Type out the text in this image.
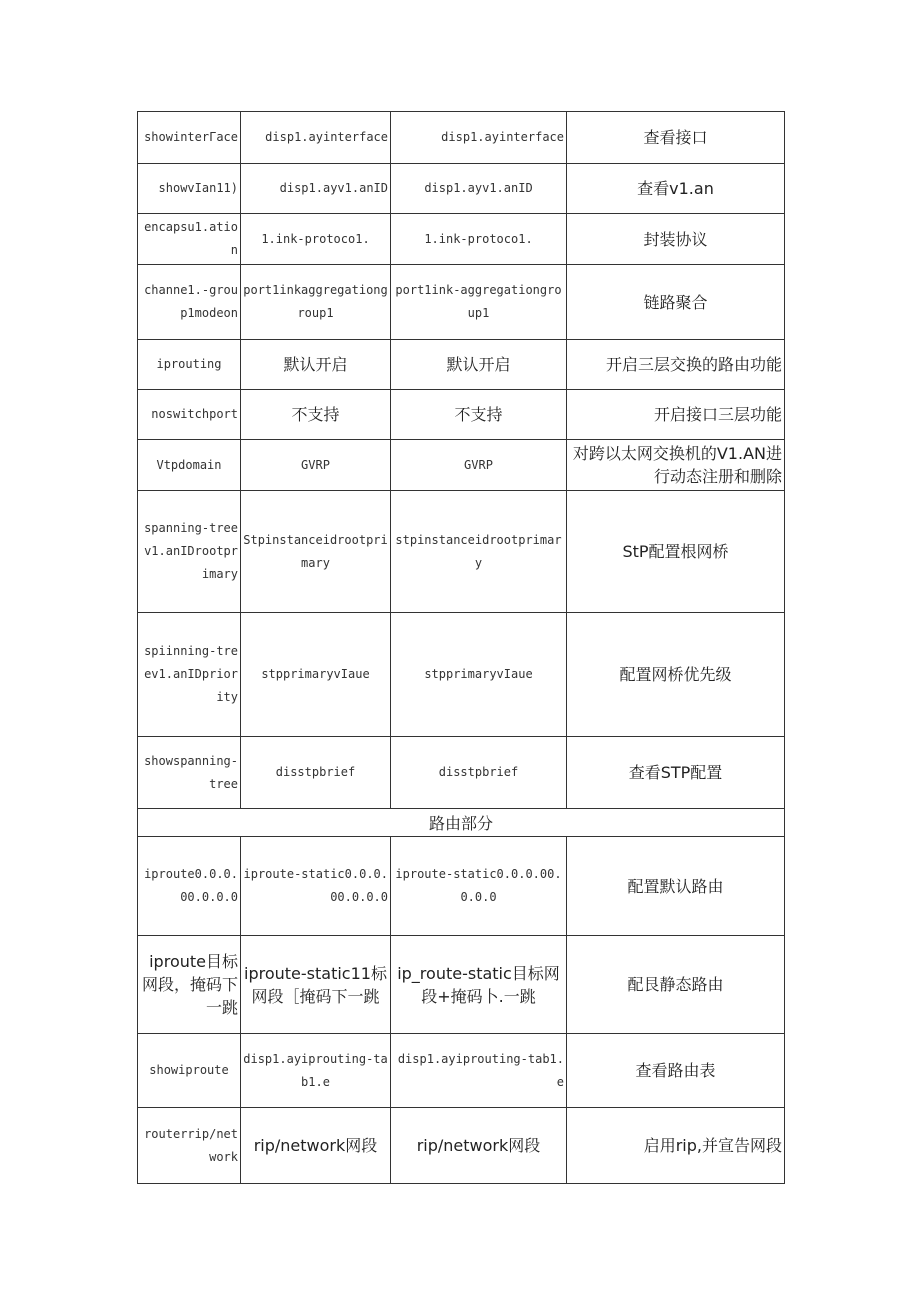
showinterГace	disp1.ayinterface	disp1.ayinterface	查看接口
showvIan11)	disp1.ayv1.anID	disp1.ayv1.anID	查看v1.an
encapsu1.ation	1.ink-protoco1.	1.ink-protoco1.	封装协议
channe1.-group1modeon	port1inkaggregationgroup1	port1ink-aggregationgroup1	链路聚合
iprouting	默认开启	默认开启	开启三层交换的路由功能
noswitchport	不支持	不支持	开启接口三层功能
Vtpdomain	GVRP	GVRP	对跨以太网交换机的V1.AN进行动态注册和删除
spanning-treev1.anIDrootprimary	Stpinstanceidrootprimary	stpinstanceidrootprimary	StP配置根网桥
spiinning-treev1.anIDpriority	stpprimaryvIaue	stpprimaryvIaue	配置网桥优先级
showspanning-tree	disstpbrief	disstpbrief	查看STP配置
路由部分			
iproute0.0.0.00.0.0.0	iproute-static0.0.0.00.0.0.0	iproute-static0.0.0.00.0.0.0	配置默认路由
iproute目标网段，掩码下一跳	iproute-static11标网段［掩码下一跳	ip_route-static目标网段+掩码卜.一跳	配艮静态路由
showiproute	disp1.ayiprouting-tab1.e	disp1.ayiprouting-tab1.e	查看路由表
routerrip/network	rip/network网段	rip/network网段	启用rip,并宣告网段
